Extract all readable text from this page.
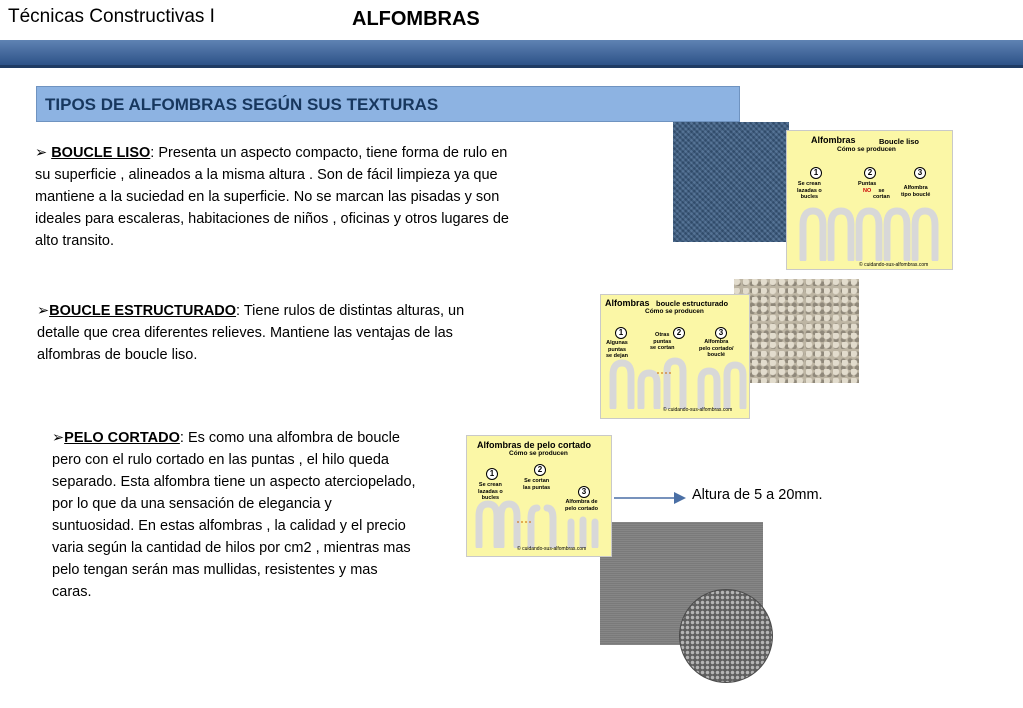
Técnicas Constructivas I	ALFOMBRAS
TIPOS DE ALFOMBRAS SEGÚN SUS TEXTURAS
➢ BOUCLE LISO: Presenta un aspecto compacto, tiene forma de rulo en su superficie , alineados a la misma altura . Son de fácil limpieza ya que mantiene a la suciedad en la superficie. No se marcan las pisadas y son ideales para escaleras, habitaciones de niños , oficinas y otros lugares de alto transito.
➢BOUCLE ESTRUCTURADO: Tiene rulos de distintas alturas, un detalle que crea diferentes relieves. Mantiene las ventajas de las alfombras de boucle liso.
➢PELO CORTADO: Es como una alfombra de boucle pero con el rulo cortado en las puntas , el hilo queda separado. Esta alfombra tiene un aspecto aterciopelado, por lo que da una sensación de elegancia y suntuosidad. En estas alfombras , la calidad y el precio varia según la cantidad de hilos por cm2 , mientras mas pelo tengan serán mas mullidas, resistentes y mas caras.
Alfombras	Boucle liso
Cómo se producen
1	2	3
Se crean
lazadas o
bucles
Puntas
NO	se
cortan
Alfombra
tipo bouclé
© cuidando-sus-alfombras.com
Alfombras boucle estructurado
Cómo se producen
1	2	3
Algunas
puntas
se dejan
Otras
puntas
se cortan
Alfombra
pelo cortado/
bouclé
© cuidando-sus-alfombras.com
Alfombras de pelo cortado
Cómo se producen
1	2
3
Se crean
lazadas o
bucles
Se cortan
las puntas
Alfombra de
pelo cortado
© cuidando-sus-alfombras.com
Altura de 5 a 20mm.
